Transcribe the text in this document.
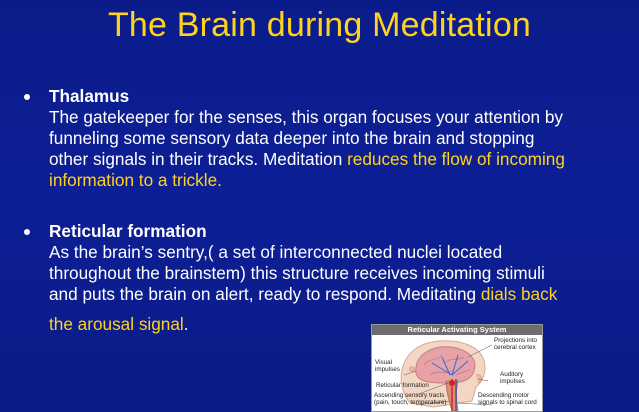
The Brain during Meditation
Thalamus
The gatekeeper for the senses, this organ focuses your attention by
funneling some sensory data deeper into the brain and stopping
other signals in their tracks. Meditation reduces the flow of incoming
information to a trickle.
Reticular formation
As the brain’s sentry,( a set of interconnected nuclei located
throughout the brainstem) this structure receives incoming stimuli
and puts the brain on alert, ready to respond. Meditating dials back
the arousal signal.	Reticular Activating System
Projections into cerebral cortex
Visual impulses
Auditory impulses
Reticular formation
Ascending sensory tracts (pain, touch, temperature)
Descending motor signals to spinal cord
